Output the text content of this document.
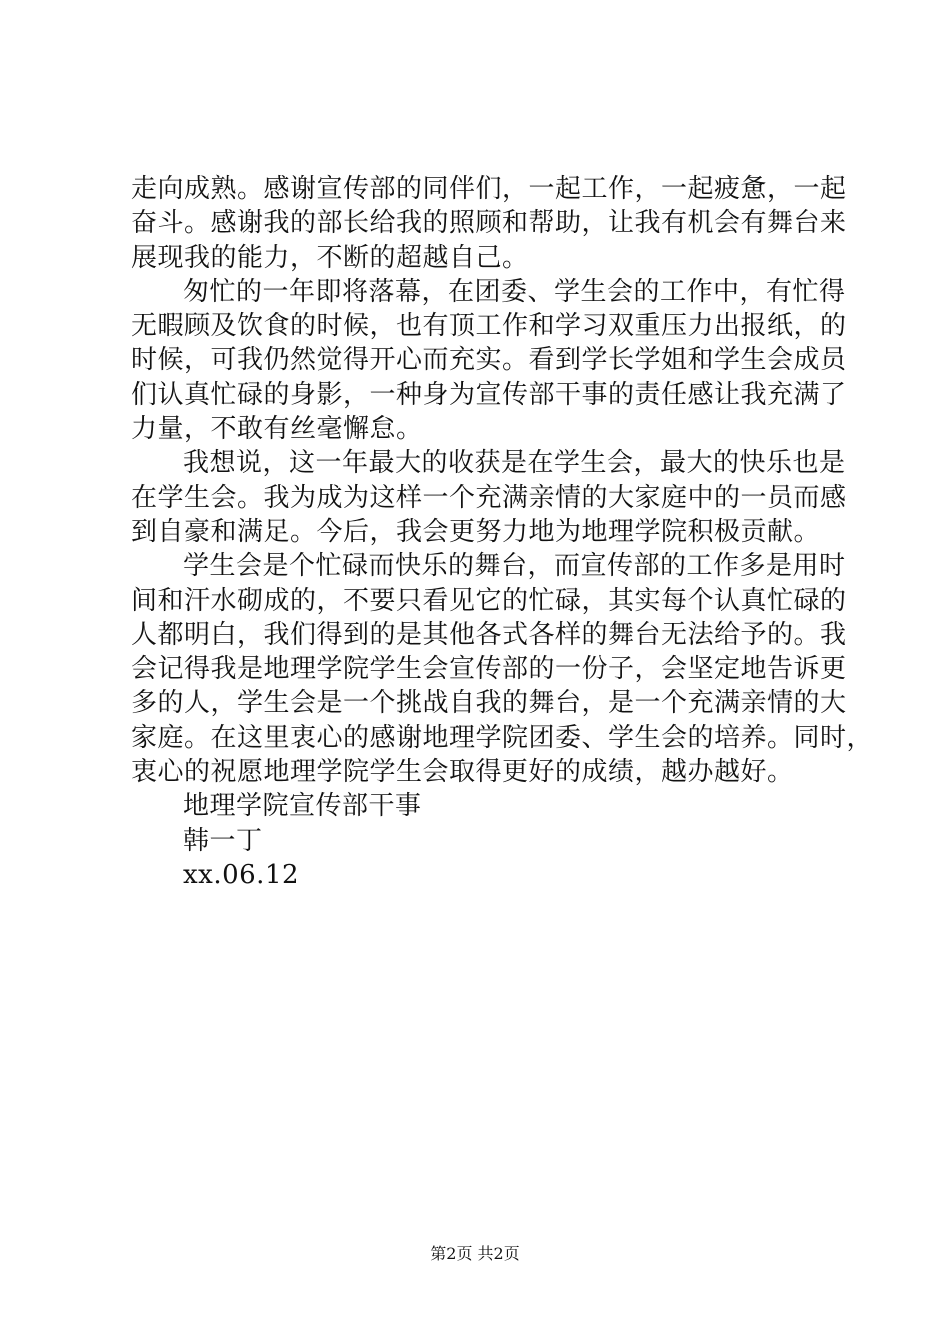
走向成熟。感谢宣传部的同伴们，一起工作，一起疲惫，一起
奋斗。感谢我的部长给我的照顾和帮助，让我有机会有舞台来
展现我的能力，不断的超越自己。
匆忙的一年即将落幕，在团委、学生会的工作中，有忙得
无暇顾及饮食的时候，也有顶工作和学习双重压力出报纸，的
时候，可我仍然觉得开心而充实。看到学长学姐和学生会成员
们认真忙碌的身影，一种身为宣传部干事的责任感让我充满了
力量，不敢有丝毫懈怠。
我想说，这一年最大的收获是在学生会，最大的快乐也是
在学生会。我为成为这样一个充满亲情的大家庭中的一员而感
到自豪和满足。今后，我会更努力地为地理学院积极贡献。
学生会是个忙碌而快乐的舞台，而宣传部的工作多是用时
间和汗水砌成的，不要只看见它的忙碌，其实每个认真忙碌的
人都明白，我们得到的是其他各式各样的舞台无法给予的。我
会记得我是地理学院学生会宣传部的一份子，会坚定地告诉更
多的人，学生会是一个挑战自我的舞台，是一个充满亲情的大
家庭。在这里衷心的感谢地理学院团委、学生会的培养。同时，
衷心的祝愿地理学院学生会取得更好的成绩，越办越好。
地理学院宣传部干事
韩一丁
xx.06.12
第2页 共2页
